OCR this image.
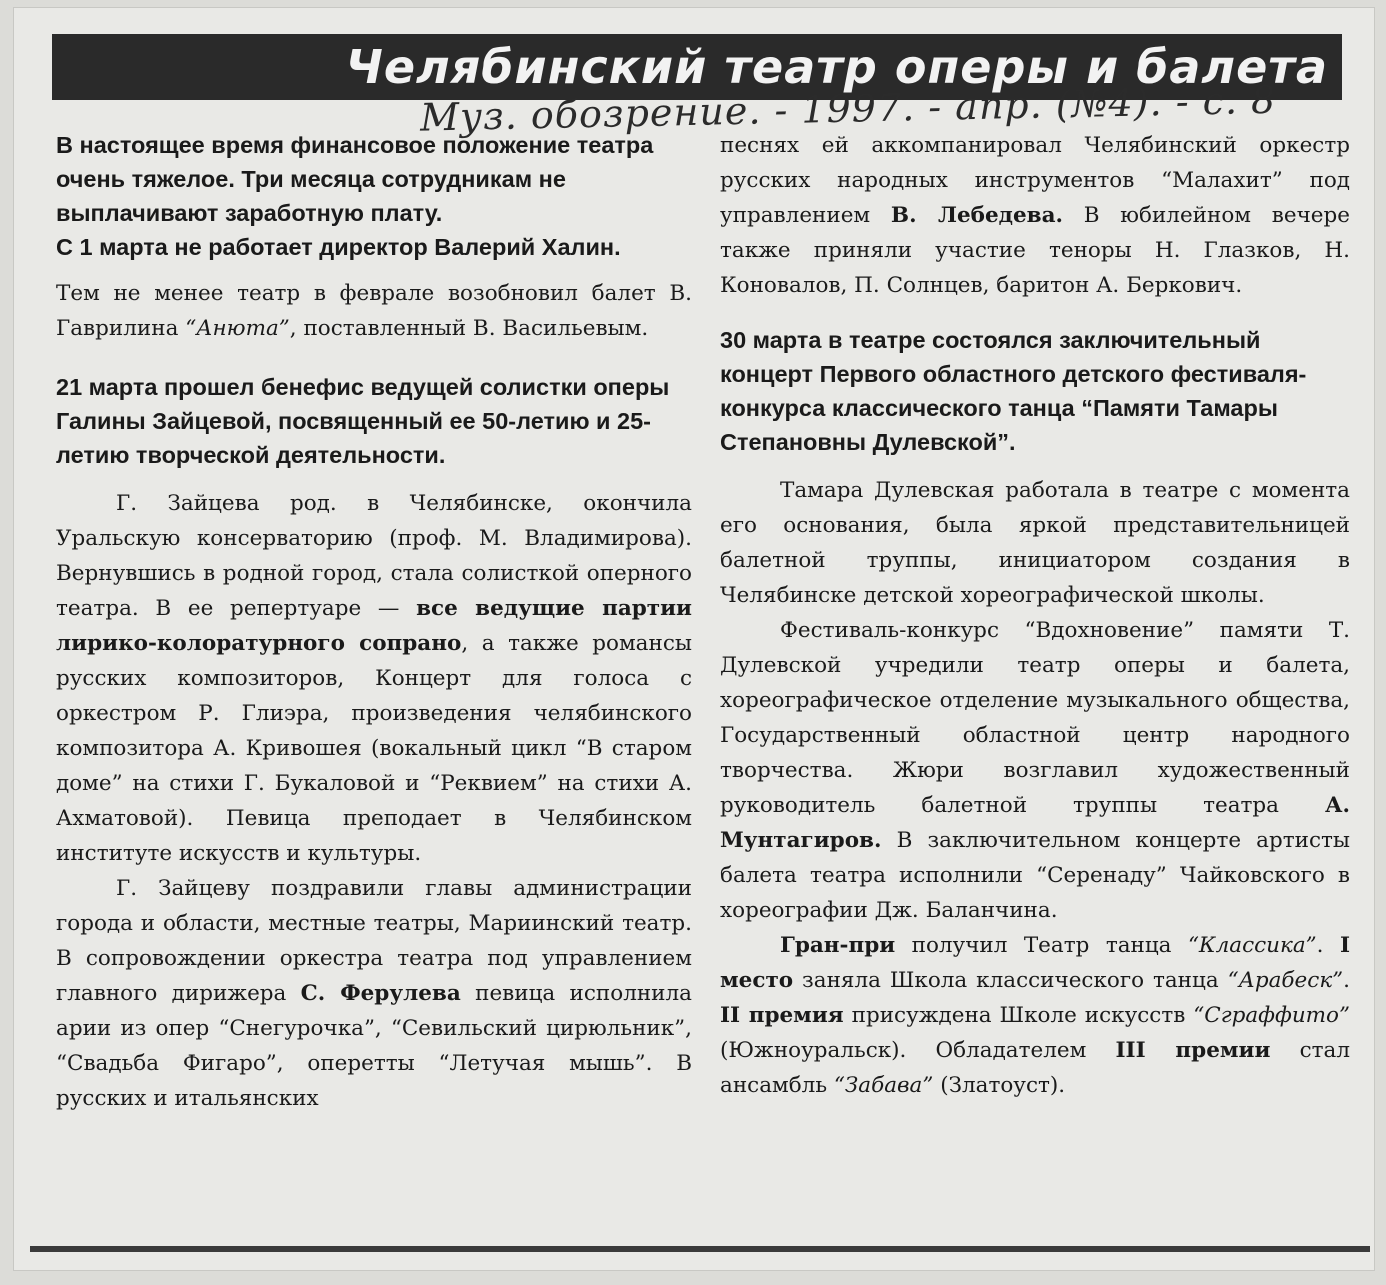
Челябинский театр оперы и балета
Муз. обозрение. - 1997. - апр. (№4). - с. 8

В настоящее время финансовое положение театра очень тяжелое. Три месяца сотрудникам не выплачивают заработную плату.

С 1 марта не работает директор Валерий Халин.

Тем не менее театр в феврале возобновил балет В. Гаврилина “Анюта”, поставленный В. Васильевым.

21 марта прошел бенефис ведущей солистки оперы Галины Зайцевой, посвященный ее 50-летию и 25-летию творческой деятельности.

Г. Зайцева род. в Челябинске, окончила Уральскую консерваторию (проф. М. Владимирова). Вернувшись в родной город, стала солисткой оперного театра. В ее репертуаре — все ведущие партии лирико-колоратурного сопрано, а также романсы русских композиторов, Концерт для голоса с оркестром Р. Глиэра, произведения челябинского композитора А. Кривошея (вокальный цикл “В старом доме” на стихи Г. Букаловой и “Реквием” на стихи А. Ахматовой). Певица преподает в Челябинском институте искусств и культуры.

Г. Зайцеву поздравили главы администрации города и области, местные театры, Мариинский театр. В сопровождении оркестра театра под управлением главного дирижера С. Ферулева певица исполнила арии из опер “Снегурочка”, “Севильский цирюльник”, “Свадьба Фигаро”, оперетты “Летучая мышь”. В русских и итальянских

песнях ей аккомпанировал Челябинский оркестр русских народных инструментов “Малахит” под управлением В. Лебедева. В юбилейном вечере также приняли участие теноры Н. Глазков, Н. Коновалов, П. Солнцев, баритон А. Беркович.

30 марта в театре состоялся заключительный концерт Первого областного детского фестиваля-конкурса классического танца “Памяти Тамары Степановны Дулевской”.

Тамара Дулевская работала в театре с момента его основания, была яркой представительницей балетной труппы, инициатором создания в Челябинске детской хореографической школы.

Фестиваль-конкурс “Вдохновение” памяти Т. Дулевской учредили театр оперы и балета, хореографическое отделение музыкального общества, Государственный областной центр народного творчества. Жюри возглавил художественный руководитель балетной труппы театра А. Мунтагиров. В заключительном концерте артисты балета театра исполнили “Серенаду” Чайковского в хореографии Дж. Баланчина.

Гран-при получил Театр танца “Классика”. I место заняла Школа классического танца “Арабеск”. II премия присуждена Школе искусств “Сграффито” (Южноуральск). Обладателем III премии стал ансамбль “Забава” (Златоуст).
